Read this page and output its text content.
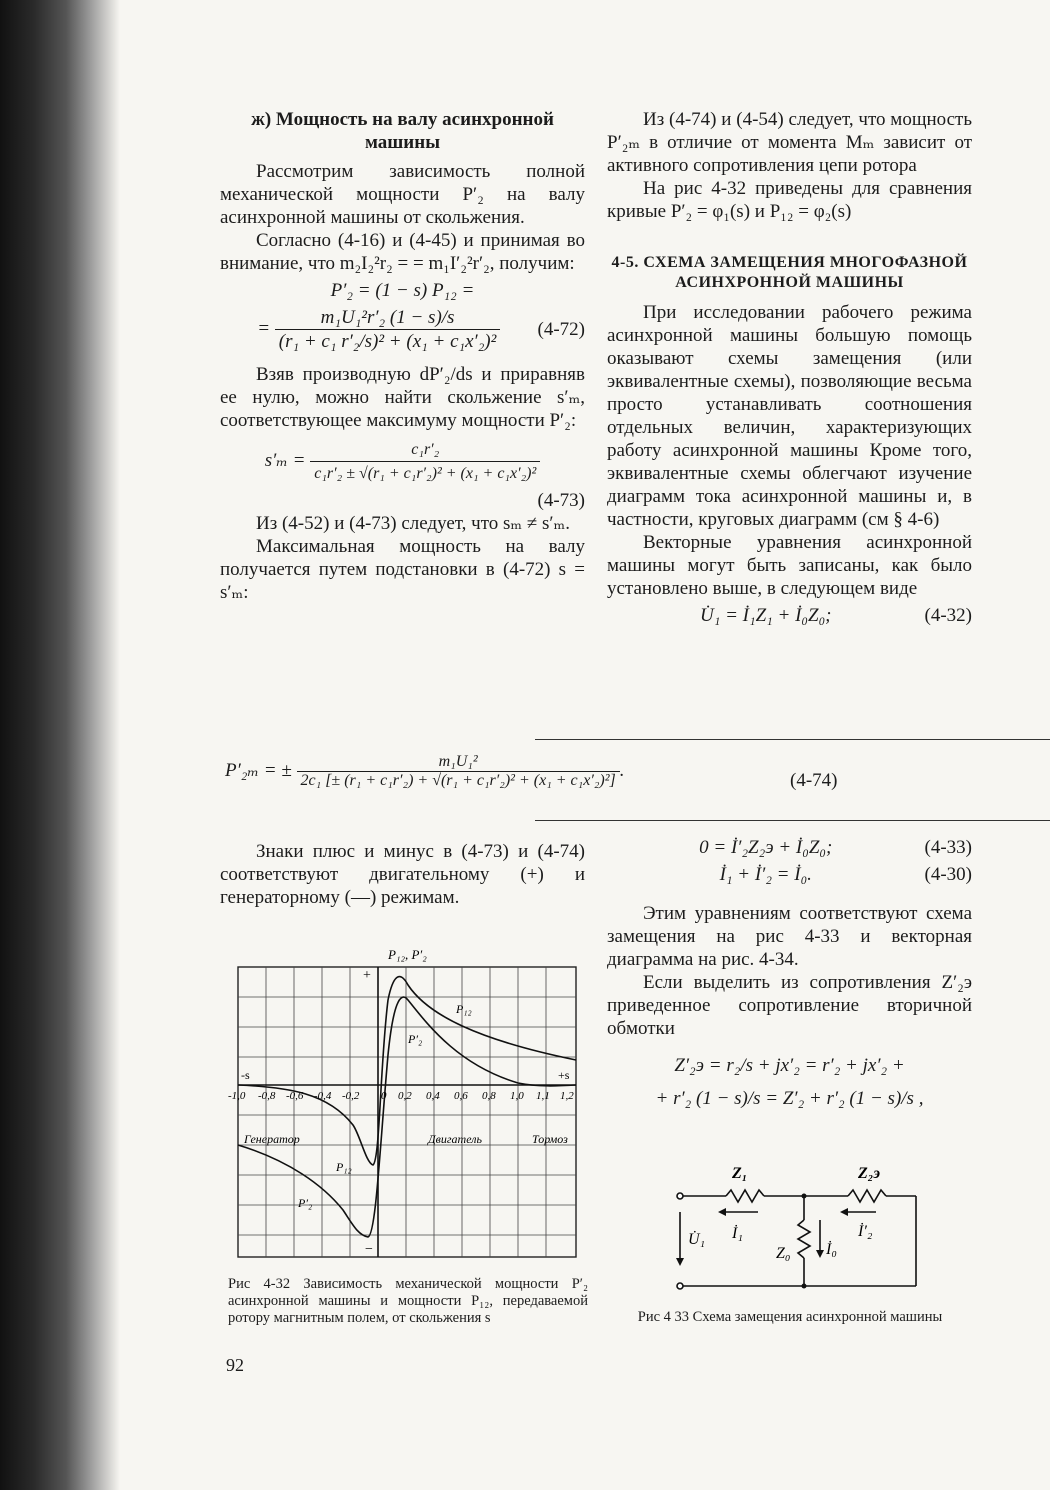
ж) Мощность на валу асинхронной машины

Рассмотрим зависимость полной механической мощности P′₂ на валу асинхронной машины от скольжения.

Согласно (4-16) и (4-45) и принимая во внимание, что m₂I₂²r₂ = = m₁I′₂²r′₂, получим:

P′₂ = (1 − s) P₁₂ =
= $\frac{\text{m₁U₁²r′₂ (1 − s)/s}}{\text{(r₁ + c₁ r′₂/s)² + (x₁ + c₁x′₂)²}} (4-72)$

Взяв производную dP′₂/ds и приравняв ее нулю, можно найти скольжение s′ₘ, соответствующее максимуму мощности P′₂:

$s'_m = \frac{\text{c₁r′₂}}{\text{c₁r′₂ ± √(r₁ + c₁r′₂)² + (x₁ + c₁x′₂)²}}$
(4-73)

Из (4-52) и (4-73) следует, что sₘ ≠ s′ₘ.

Максимальная мощность на валу получается путем подстановки в (4-72) s = s′ₘ:

Из (4-74) и (4-54) следует, что мощность P′₂ₘ в отличие от момента Mₘ зависит от активного сопротивления цепи ротора

На рис 4-32 приведены для сравнения кривые P′₂ = φ₁(s) и P₁₂ = φ₂(s)

4-5. СХЕМА ЗАМЕЩЕНИЯ МНОГОФАЗНОЙ АСИНХРОННОЙ МАШИНЫ

При исследовании рабочего режима асинхронной машины большую помощь оказывают схемы замещения (или эквивалентные схемы), позволяющие весьма просто устанавливать соотношения отдельных величин, характеризующих работу асинхронной машины Кроме того, эквивалентные схемы облегчают изучение диаграмм тока асинхронной машины и, в частности, круговых диаграмм (см § 4-6)

Векторные уравнения асинхронной машины могут быть записаны, как было установлено выше, в следующем виде

U̇₁ = İ₁Z₁ + İ₀Z₀;	(4-32)
P′₂ₘ = ± $\frac{\text{m₁U₁²}}{\text{2c₁ [± (r₁ + c₁r′₂) + √(r₁ + c₁r′₂)² + (x₁ + c₁x′₂)²]}}$ .	(4-74)

Знаки плюс и минус в (4-73) и (4-74) соответствуют двигательному (+) и генераторному (—) режимам.

0 = İ′₂Z₂э + İ₀Z₀;	(4-33)
İ₁ + İ′₂ = İ₀.	(4-30)

Этим уравнениям соответствуют схема замещения на рис 4-33 и векторная диаграмма на рис. 4-34.

Если выделить из сопротивления Z′₂э приведенное сопротивление вторичной обмотки

Z′₂э = r₂/s + jx′₂ = r′₂ + jx′₂ +
+ r′₂ (1 − s)/s = Z′₂ + r′₂ (1 − s)/s ,
P₁₂, P′₂
+
−
-s	+s
-1,0 -0,8 -0,6 -0,4 -0,2 0 0,2 0,4 0,6 0,8 1,0 1,1 1,2
Генератор	Двигатель	Тормоз
P₁₂
P′₂
P₁₂
P′₂
Рис 4-32 Зависимость механической мощности P′₂ асинхронной машины и мощности P₁₂, передаваемой ротору магнитным полем, от скольжения s
Z₁	Z₂э
Z₀
U̇₁ İ₁
İ₀
İ′₂
Рис 4 33 Схема замещения асинхронной машины
92
